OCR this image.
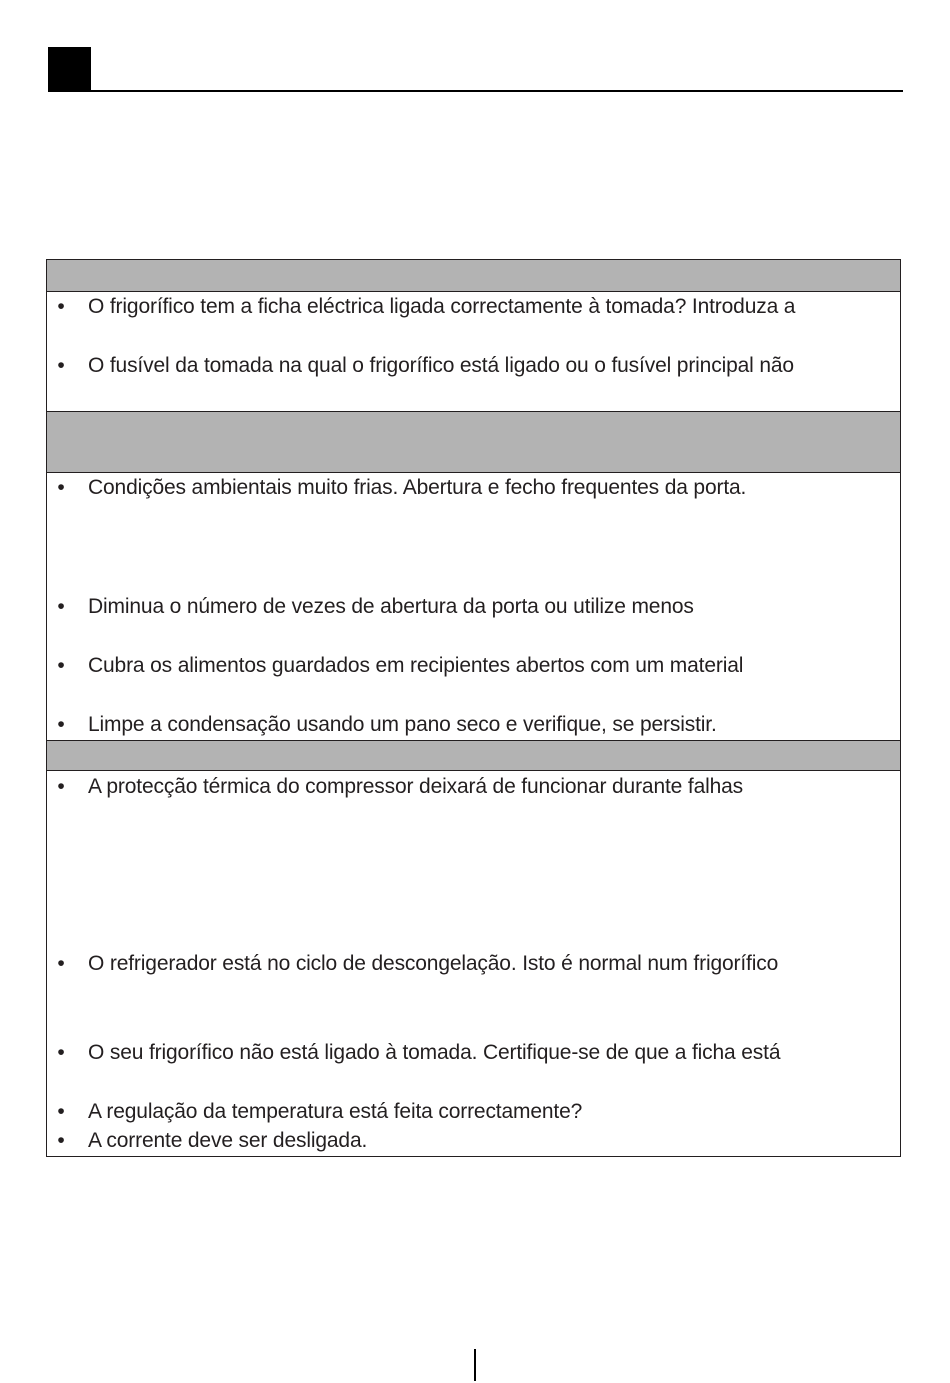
• O frigorífico tem a ficha eléctrica ligada correctamente à tomada? Introduza a
• O fusível da tomada na qual o frigorífico está ligado ou o fusível principal não
• Condições ambientais muito frias. Abertura e fecho frequentes da porta.
• Diminua o número de vezes de abertura da porta ou utilize menos
• Cubra os alimentos guardados em recipientes abertos com um material
• Limpe a condensação usando um pano seco e verifique, se persistir.
• A protecção térmica do compressor deixará de funcionar durante falhas
• O refrigerador está no ciclo de descongelação. Isto é normal num frigorífico
• O seu frigorífico não está ligado à tomada. Certifique-se de que a ficha está
• A regulação da temperatura está feita correctamente?
• A corrente deve ser desligada.
